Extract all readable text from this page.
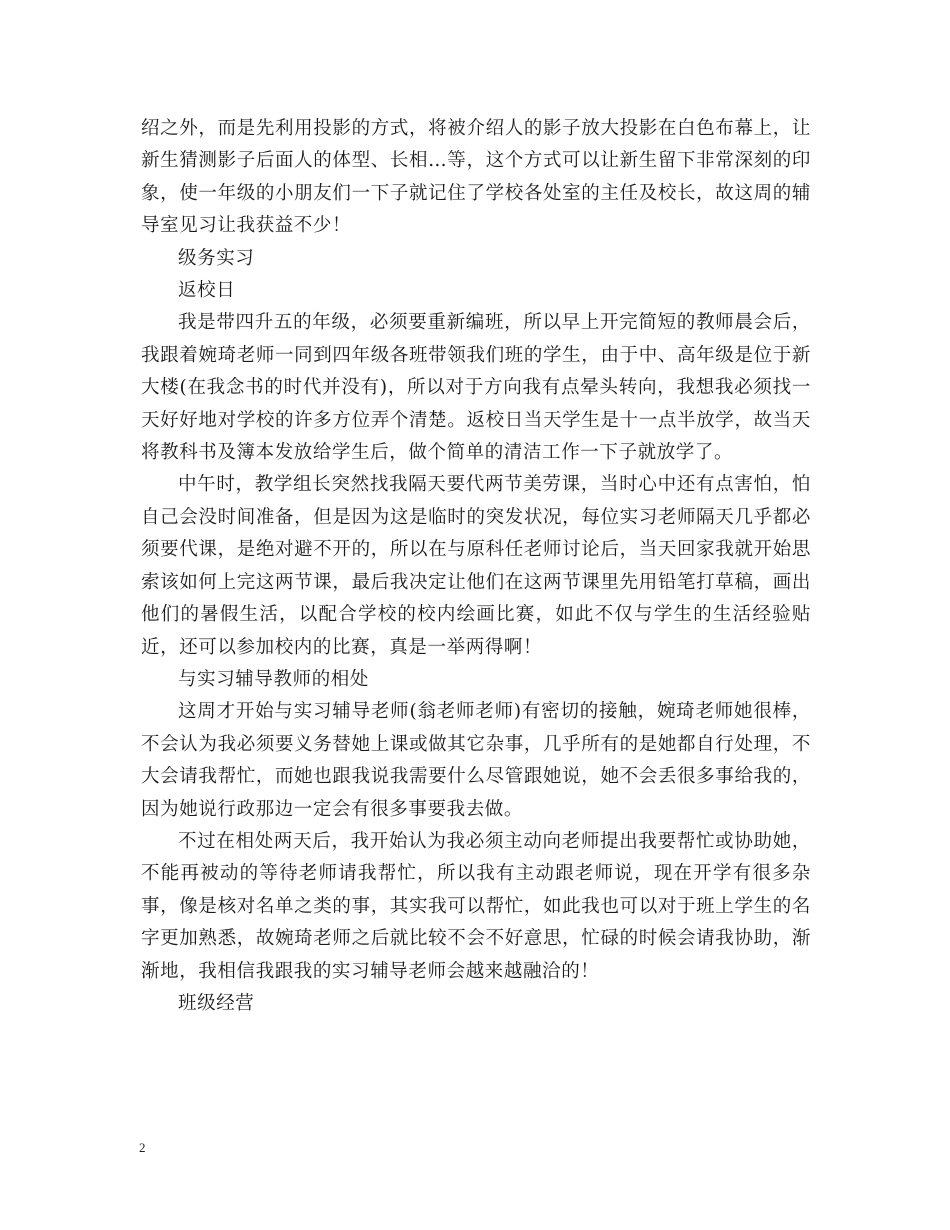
绍之外，而是先利用投影的方式，将被介绍人的影子放大投影在白色布幕上，让新生猜测影子后面人的体型、长相…等，这个方式可以让新生留下非常深刻的印象，使一年级的小朋友们一下子就记住了学校各处室的主任及校长，故这周的辅导室见习让我获益不少！

级务实习

返校日

我是带四升五的年级，必须要重新编班，所以早上开完简短的教师晨会后，我跟着婉琦老师一同到四年级各班带领我们班的学生，由于中、高年级是位于新大楼(在我念书的时代并没有)，所以对于方向我有点晕头转向，我想我必须找一天好好地对学校的许多方位弄个清楚。返校日当天学生是十一点半放学，故当天将教科书及簿本发放给学生后，做个简单的清洁工作一下子就放学了。

中午时，教学组长突然找我隔天要代两节美劳课，当时心中还有点害怕，怕自己会没时间准备，但是因为这是临时的突发状况，每位实习老师隔天几乎都必须要代课，是绝对避不开的，所以在与原科任老师讨论后，当天回家我就开始思索该如何上完这两节课，最后我决定让他们在这两节课里先用铅笔打草稿，画出他们的暑假生活，以配合学校的校内绘画比赛，如此不仅与学生的生活经验贴近，还可以参加校内的比赛，真是一举两得啊！

与实习辅导教师的相处

这周才开始与实习辅导老师(翁老师老师)有密切的接触，婉琦老师她很棒，不会认为我必须要义务替她上课或做其它杂事，几乎所有的是她都自行处理，不大会请我帮忙，而她也跟我说我需要什么尽管跟她说，她不会丢很多事给我的，因为她说行政那边一定会有很多事要我去做。

不过在相处两天后，我开始认为我必须主动向老师提出我要帮忙或协助她，不能再被动的等待老师请我帮忙，所以我有主动跟老师说，现在开学有很多杂事，像是核对名单之类的事，其实我可以帮忙，如此我也可以对于班上学生的名字更加熟悉，故婉琦老师之后就比较不会不好意思，忙碌的时候会请我协助，渐渐地，我相信我跟我的实习辅导老师会越来越融洽的！

班级经营

2
